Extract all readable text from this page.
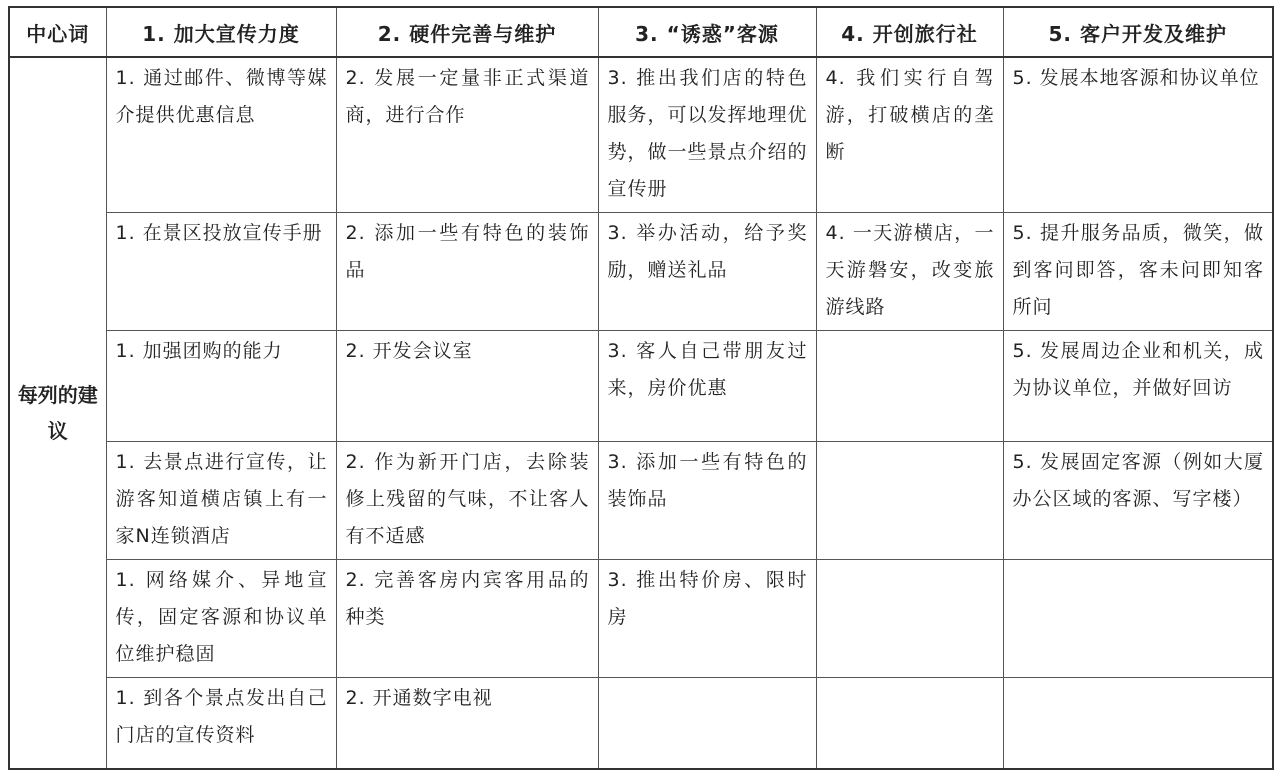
中心词	1. 加大宣传力度	2. 硬件完善与维护	3. “诱惑”客源	4. 开创旅行社	5. 客户开发及维护
每列的建议	1. 通过邮件、微博等媒介提供优惠信息	2. 发展一定量非正式渠道商，进行合作	3. 推出我们店的特色服务，可以发挥地理优势，做一些景点介绍的宣传册	4. 我们实行自驾游，打破横店的垄断	5. 发展本地客源和协议单位
	1. 在景区投放宣传手册	2. 添加一些有特色的装饰品	3. 举办活动，给予奖励，赠送礼品	4. 一天游横店，一天游磐安，改变旅游线路	5. 提升服务品质，微笑，做到客问即答，客未问即知客所问
	1. 加强团购的能力	2. 开发会议室	3. 客人自己带朋友过来，房价优惠		5. 发展周边企业和机关，成为协议单位，并做好回访
	1. 去景点进行宣传，让游客知道横店镇上有一家N连锁酒店	2. 作为新开门店，去除装修上残留的气味，不让客人有不适感	3. 添加一些有特色的装饰品		5. 发展固定客源（例如大厦办公区域的客源、写字楼）
	1. 网络媒介、异地宣传，固定客源和协议单位维护稳固	2. 完善客房内宾客用品的种类	3. 推出特价房、限时房		
	1. 到各个景点发出自己门店的宣传资料	2. 开通数字电视			
